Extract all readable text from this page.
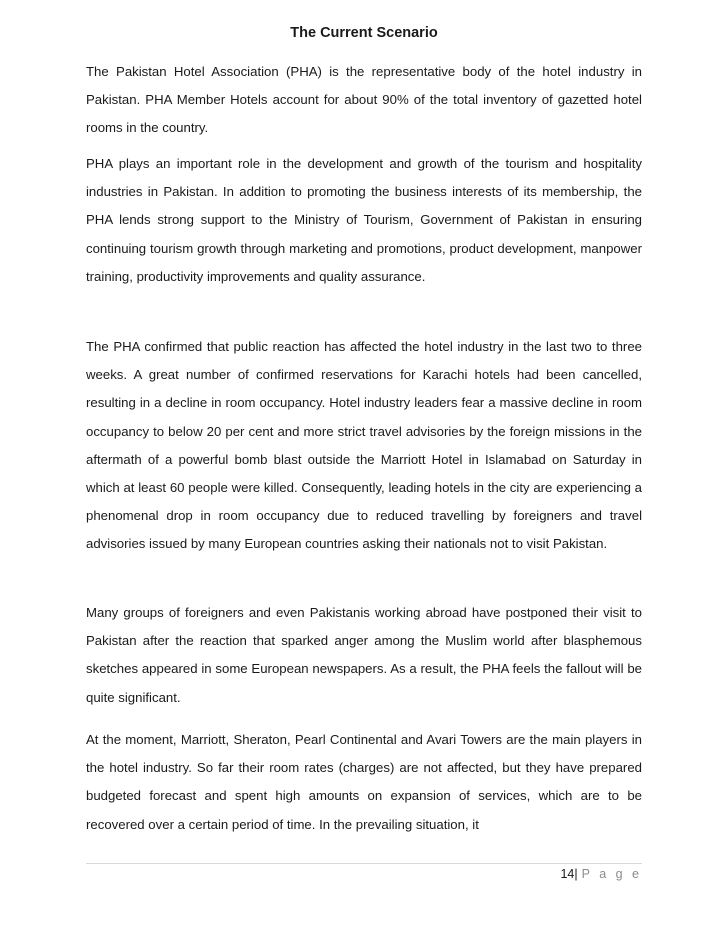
The Current Scenario

The Pakistan Hotel Association (PHA) is the representative body of the hotel industry in Pakistan. PHA Member Hotels account for about 90% of the total inventory of gazetted hotel rooms in the country.

PHA plays an important role in the development and growth of the tourism and hospitality industries in Pakistan. In addition to promoting the business interests of its membership, the PHA lends strong support to the Ministry of Tourism, Government of Pakistan in ensuring continuing tourism growth through marketing and promotions, product development, manpower training, productivity improvements and quality assurance.

The PHA confirmed that public reaction has affected the hotel industry in the last two to three weeks. A great number of confirmed reservations for Karachi hotels had been cancelled, resulting in a decline in room occupancy. Hotel industry leaders fear a massive decline in room occupancy to below 20 per cent and more strict travel advisories by the foreign missions in the aftermath of a powerful bomb blast outside the Marriott Hotel in Islamabad on Saturday in which at least 60 people were killed. Consequently, leading hotels in the city are experiencing a phenomenal drop in room occupancy due to reduced travelling by foreigners and travel advisories issued by many European countries asking their nationals not to visit Pakistan.

Many groups of foreigners and even Pakistanis working abroad have postponed their visit to Pakistan after the reaction that sparked anger among the Muslim world after blasphemous sketches appeared in some European newspapers. As a result, the PHA feels the fallout will be quite significant.

At the moment, Marriott, Sheraton, Pearl Continental and Avari Towers are the main players in the hotel industry. So far their room rates (charges) are not affected, but they have prepared budgeted forecast and spent high amounts on expansion of services, which are to be recovered over a certain period of time. In the prevailing situation, it

14| P a g e
